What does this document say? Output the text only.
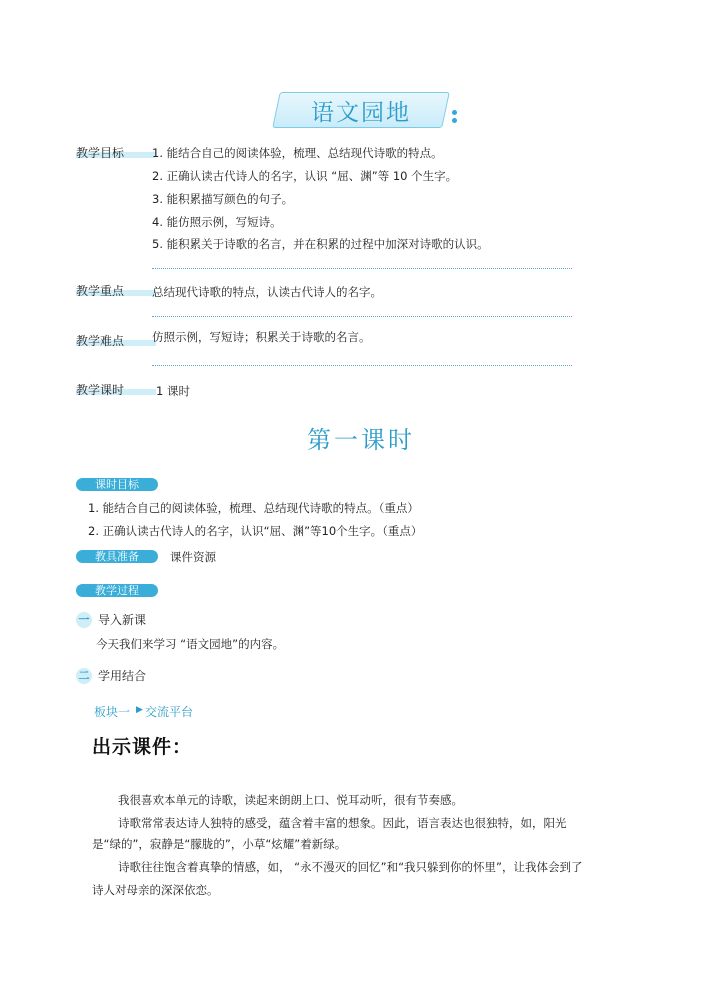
语文园地
教学目标	1. 能结合自己的阅读体验，梳理、总结现代诗歌的特点。
2. 正确认读古代诗人的名字，认识 “屈、渊”等 10 个生字。
3. 能积累描写颜色的句子。
4. 能仿照示例，写短诗。
5. 能积累关于诗歌的名言，并在积累的过程中加深对诗歌的认识。
教学重点	总结现代诗歌的特点，认读古代诗人的名字。
教学难点	仿照示例，写短诗；积累关于诗歌的名言。
教学课时	1 课时
第一课时
课时目标
1. 能结合自己的阅读体验，梳理、总结现代诗歌的特点。（重点）
2. 正确认读古代诗人的名字，认识“屈、渊”等10个生字。（重点）
教具准备	课件资源
教学过程
一 导入新课
今天我们来学习 “语文园地”的内容。
二 学用结合
板块一 ▶ 交流平台
出示课件：
我很喜欢本单元的诗歌，读起来朗朗上口、悦耳动听，很有节奏感。
诗歌常常表达诗人独特的感受，蕴含着丰富的想象。因此，语言表达也很独特，如，阳光
是“绿的”，寂静是“朦胧的”，小草“炫耀”着新绿。
诗歌往往饱含着真挚的情感，如， “永不漫灭的回忆”和“我只躲到你的怀里”，让我体会到了
诗人对母亲的深深依恋。
